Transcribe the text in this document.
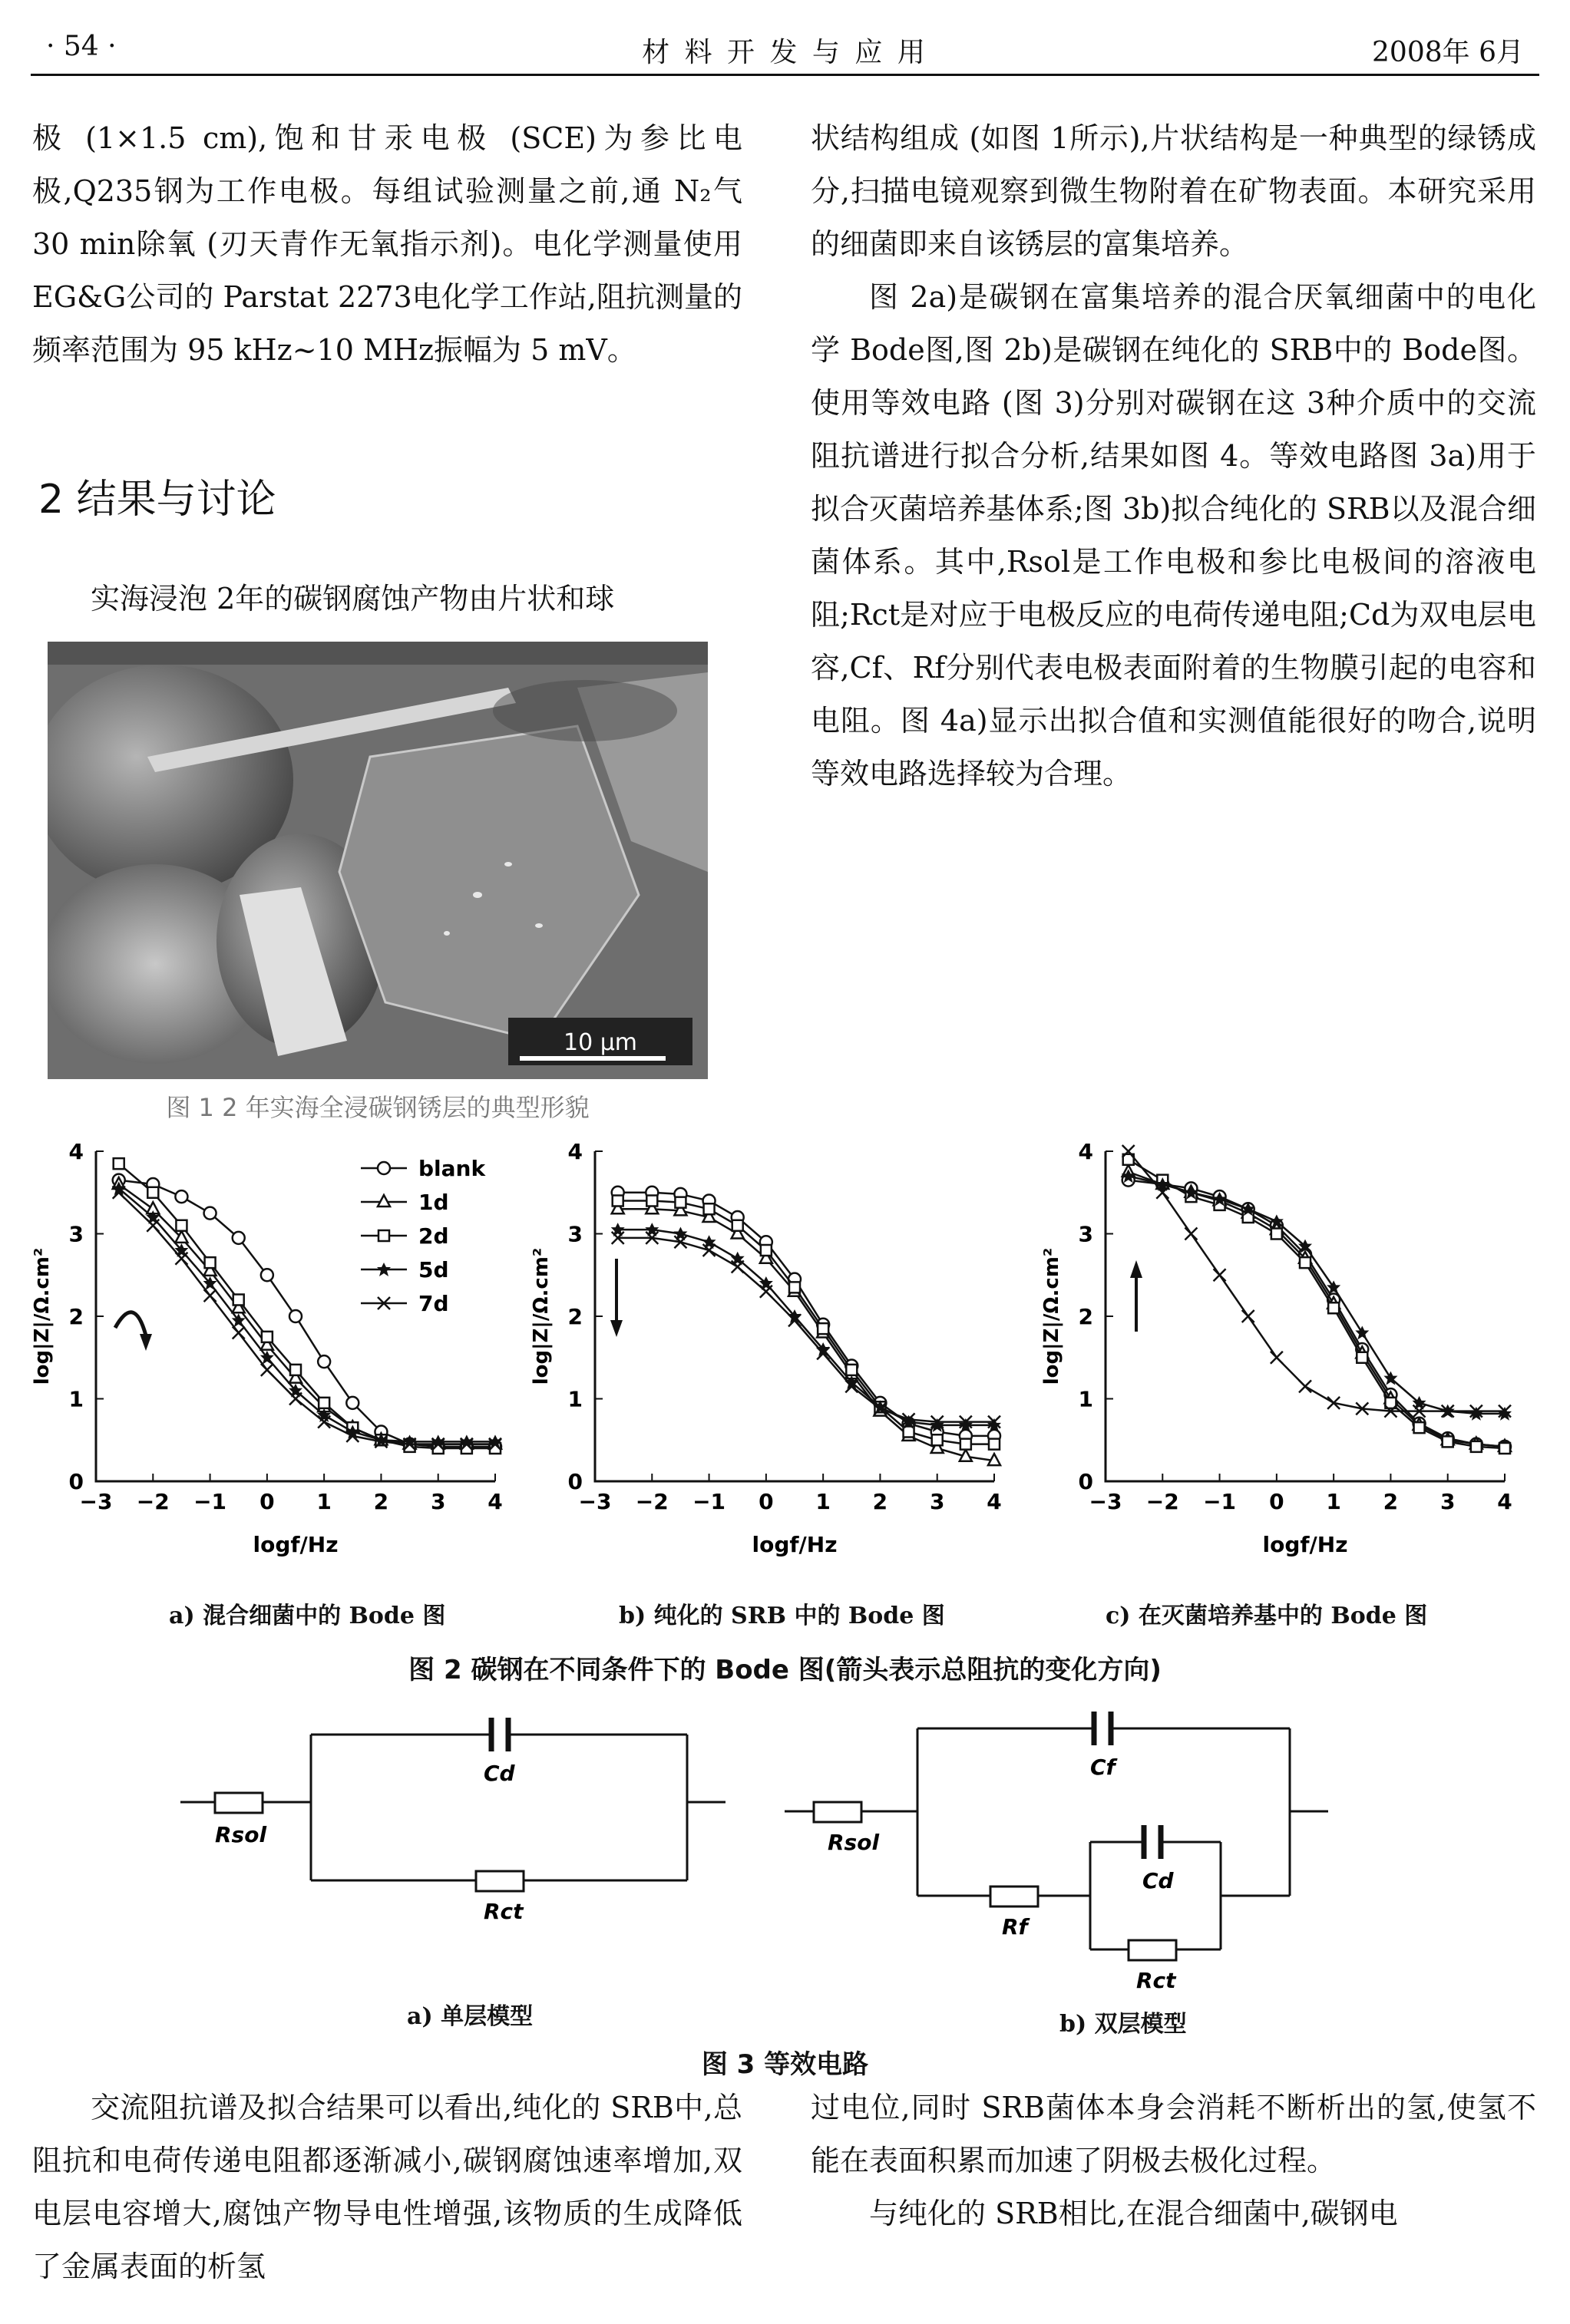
· 54 ·	材 料 开 发 与 应 用	2008年 6月

极 (1×1.5 cm),饱和甘汞电极 (SCE)为参比电极,Q235钢为工作电极。每组试验测量之前,通 N₂气 30 min除氧 (刃天青作无氧指示剂)。电化学测量使用 EG&G公司的 Parstat 2273电化学工作站,阻抗测量的频率范围为 95 kHz~10 MHz振幅为 5 mV。

2 结果与讨论

实海浸泡 2年的碳钢腐蚀产物由片状和球

10 μm
图 1 2 年实海全浸碳钢锈层的典型形貌

状结构组成 (如图 1所示),片状结构是一种典型的绿锈成分,扫描电镜观察到微生物附着在矿物表面。本研究采用的细菌即来自该锈层的富集培养。

图 2a)是碳钢在富集培养的混合厌氧细菌中的电化学 Bode图,图 2b)是碳钢在纯化的 SRB中的 Bode图。使用等效电路 (图 3)分别对碳钢在这 3种介质中的交流阻抗谱进行拟合分析,结果如图 4。等效电路图 3a)用于拟合灭菌培养基体系;图 3b)拟合纯化的 SRB以及混合细菌体系。其中,Rsol是工作电极和参比电极间的溶液电阻;Rct是对应于电极反应的电荷传递电阻;Cd为双电层电容,Cf、Rf分别代表电极表面附着的生物膜引起的电容和电阻。图 4a)显示出拟合值和实测值能很好的吻合,说明等效电路选择较为合理。

−3 −2 −1 0 1 2 3 4
0
1
2
3
4
logf/Hz
log|Z|/Ω.cm²
−3 −2 −1 0 1 2 3 4
0
1
2
3
4
logf/Hz
log|Z|/Ω.cm²
−3 −2 −1 0 1 2 3 4
0
1
2
3
4
logf/Hz
log|Z|/Ω.cm²
blank
1d
2d
5d
7d
a) 混合细菌中的 Bode 图	b) 纯化的 SRB 中的 Bode 图	c) 在灭菌培养基中的 Bode 图
图 2 碳钢在不同条件下的 Bode 图(箭头表示总阻抗的变化方向)
Rsol
Cd
Rct
Rsol
Cf
Cd
Rf
Rct
a) 单层模型	b) 双层模型
图 3 等效电路

交流阻抗谱及拟合结果可以看出,纯化的 SRB中,总阻抗和电荷传递电阻都逐渐减小,碳钢腐蚀速率增加,双电层电容增大,腐蚀产物导电性增强,该物质的生成降低了金属表面的析氢

过电位,同时 SRB菌体本身会消耗不断析出的氢,使氢不能在表面积累而加速了阴极去极化过程。

与纯化的 SRB相比,在混合细菌中,碳钢电
